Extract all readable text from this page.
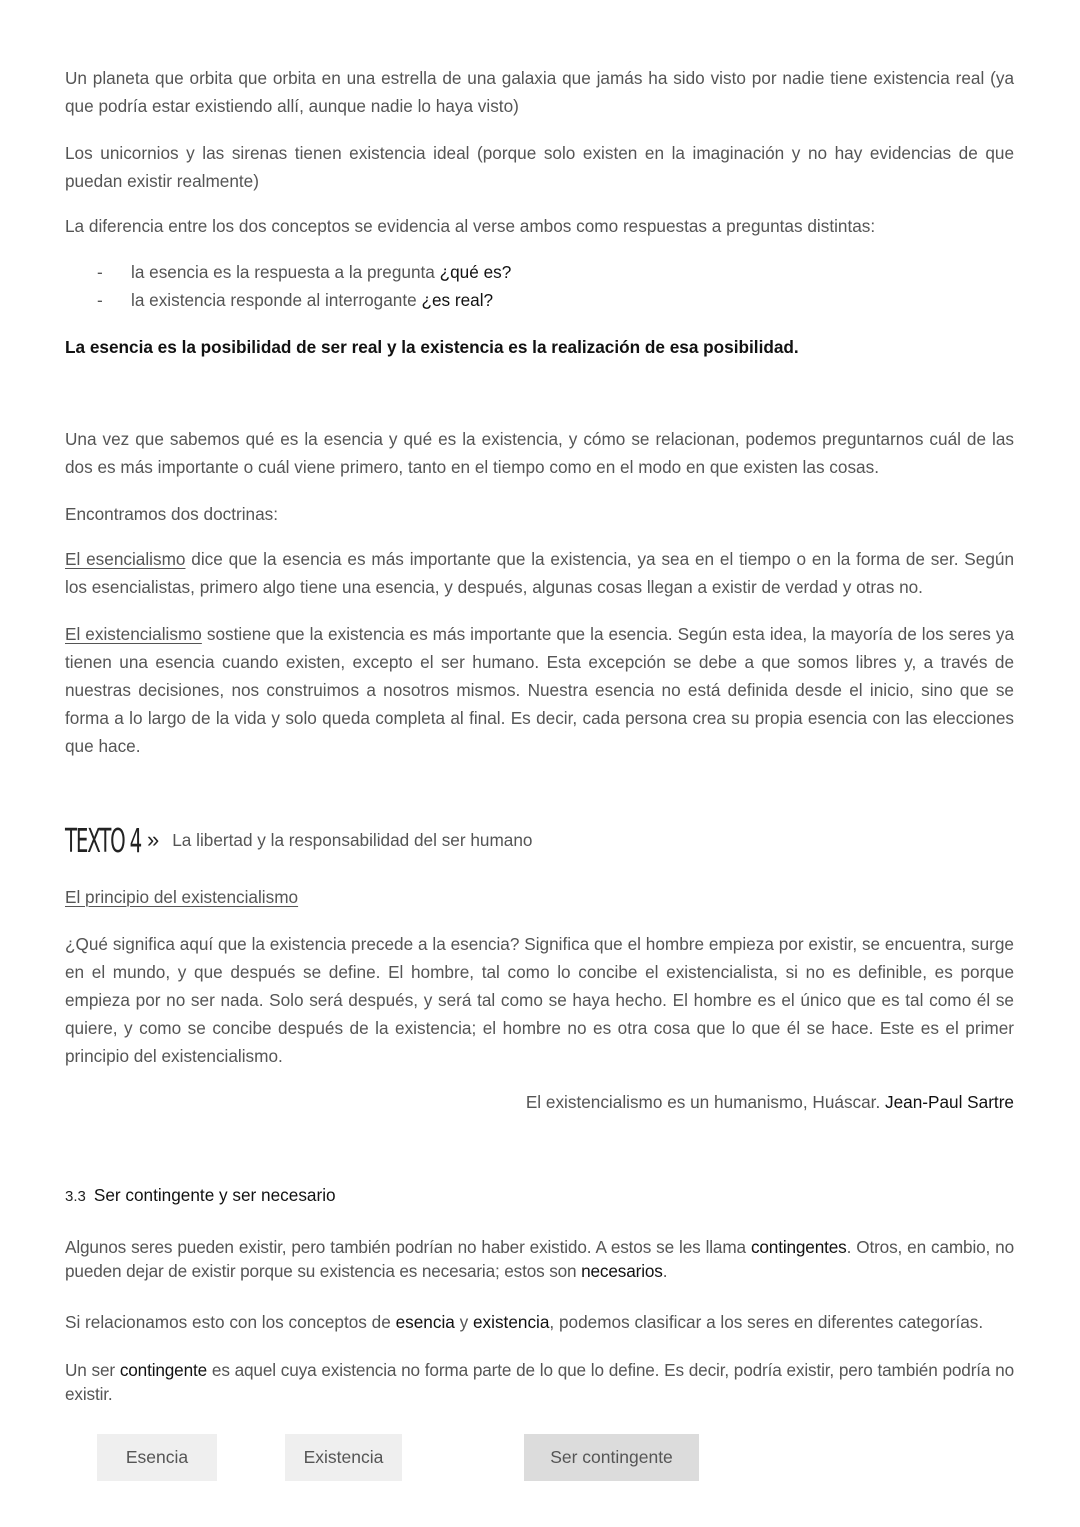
Un planeta que orbita que orbita en una estrella de una galaxia que jamás ha sido visto por nadie tiene existencia real (ya que podría estar existiendo allí, aunque nadie lo haya visto)

Los unicornios y las sirenas tienen existencia ideal (porque solo existen en la imaginación y no hay evidencias de que puedan existir realmente)

La diferencia entre los dos conceptos se evidencia al verse ambos como respuestas a preguntas distintas:

- la esencia es la respuesta a la pregunta ¿qué es?
- la existencia responde al interrogante ¿es real?

La esencia es la posibilidad de ser real y la existencia es la realización de esa posibilidad.

Una vez que sabemos qué es la esencia y qué es la existencia, y cómo se relacionan, podemos preguntarnos cuál de las dos es más importante o cuál viene primero, tanto en el tiempo como en el modo en que existen las cosas.

Encontramos dos doctrinas:

El esencialismo dice que la esencia es más importante que la existencia, ya sea en el tiempo o en la forma de ser. Según los esencialistas, primero algo tiene una esencia, y después, algunas cosas llegan a existir de verdad y otras no.

El existencialismo sostiene que la existencia es más importante que la esencia. Según esta idea, la mayoría de los seres ya tienen una esencia cuando existen, excepto el ser humano. Esta excepción se debe a que somos libres y, a través de nuestras decisiones, nos construimos a nosotros mismos. Nuestra esencia no está definida desde el inicio, sino que se forma a lo largo de la vida y solo queda completa al final. Es decir, cada persona crea su propia esencia con las elecciones que hace.

TEXTO 4 » La libertad y la responsabilidad del ser humano

El principio del existencialismo

¿Qué significa aquí que la existencia precede a la esencia? Significa que el hombre empieza por existir, se encuentra, surge en el mundo, y que después se define. El hombre, tal como lo concibe el existencialista, si no es definible, es porque empieza por no ser nada. Solo será después, y será tal como se haya hecho. El hombre es el único que es tal como él se quiere, y como se concibe después de la existencia; el hombre no es otra cosa que lo que él se hace. Este es el primer principio del existencialismo.

El existencialismo es un humanismo, Huáscar. Jean-Paul Sartre

3.3 Ser contingente y ser necesario

Algunos seres pueden existir, pero también podrían no haber existido. A estos se les llama contingentes. Otros, en cambio, no pueden dejar de existir porque su existencia es necesaria; estos son necesarios.

Si relacionamos esto con los conceptos de esencia y existencia, podemos clasificar a los seres en diferentes categorías.

Un ser contingente es aquel cuya existencia no forma parte de lo que lo define. Es decir, podría existir, pero también podría no existir.

Esencia	Existencia	Ser contingente
